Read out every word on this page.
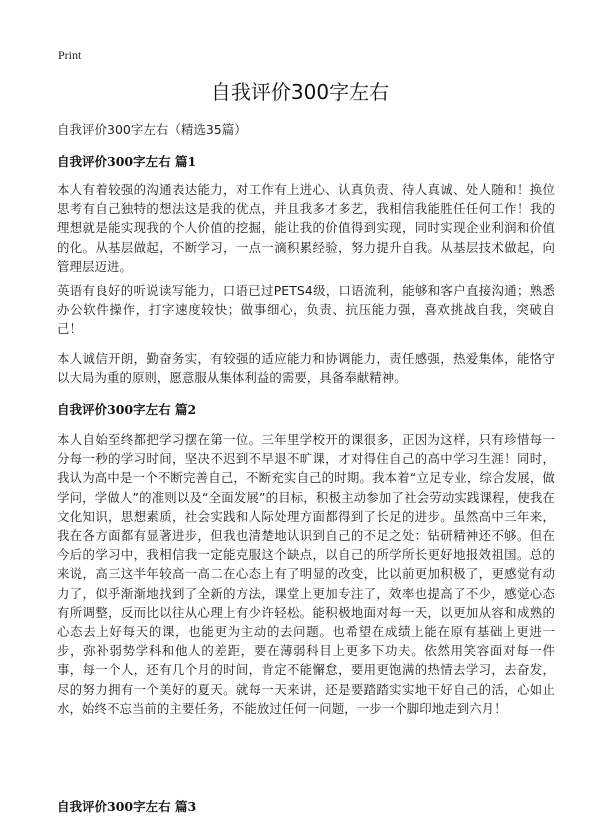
Print
自我评价300字左右

自我评价300字左右（精选35篇）

自我评价300字左右 篇1

本人有着较强的沟通表达能力，对工作有上进心、认真负责、待人真诚、处人随和！换位思考有自己独特的想法这是我的优点，并且我多才多艺，我相信我能胜任任何工作！我的理想就是能实现我的个人价值的挖掘，能让我的价值得到实现，同时实现企业利润和价值的化。从基层做起，不断学习，一点一滴积累经验，努力提升自我。从基层技术做起，向管理层迈进。

英语有良好的听说读写能力，口语已过PETS4级，口语流利，能够和客户直接沟通；熟悉办公软件操作，打字速度较快；做事细心，负责、抗压能力强，喜欢挑战自我，突破自己！

本人诚信开朗，勤奋务实，有较强的适应能力和协调能力，责任感强，热爱集体，能恪守以大局为重的原则，愿意服从集体利益的需要，具备奉献精神。

自我评价300字左右 篇2

本人自始至终都把学习摆在第一位。三年里学校开的课很多，正因为这样，只有珍惜每一分每一秒的学习时间，坚决不迟到不早退不旷课，才对得住自己的高中学习生涯！同时，我认为高中是一个不断完善自己，不断充实自己的时期。我本着“立足专业，综合发展，做学问，学做人”的准则以及“全面发展”的目标，积极主动参加了社会劳动实践课程，使我在文化知识，思想素质，社会实践和人际处理方面都得到了长足的进步。虽然高中三年来，我在各方面都有显著进步，但我也清楚地认识到自己的不足之处：钻研精神还不够。但在今后的学习中，我相信我一定能克服这个缺点，以自己的所学所长更好地报效祖国。总的来说，高三这半年较高一高二在心态上有了明显的改变，比以前更加积极了，更感觉有动力了，似乎渐渐地找到了全新的方法，课堂上更加专注了，效率也提高了不少，感觉心态有所调整，反而比以往从心理上有少许轻松。能积极地面对每一天，以更加从容和成熟的心态去上好每天的课，也能更为主动的去问题。也希望在成绩上能在原有基础上更进一步，弥补弱势学科和他人的差距，要在薄弱科目上更多下功夫。依然用笑容面对每一件事，每一个人，还有几个月的时间，肯定不能懈怠，要用更饱满的热情去学习，去奋发，尽的努力拥有一个美好的夏天。就每一天来讲，还是要踏踏实实地干好自己的活，心如止水，始终不忘当前的主要任务，不能放过任何一问题，一步一个脚印地走到六月！

自我评价300字左右 篇3
